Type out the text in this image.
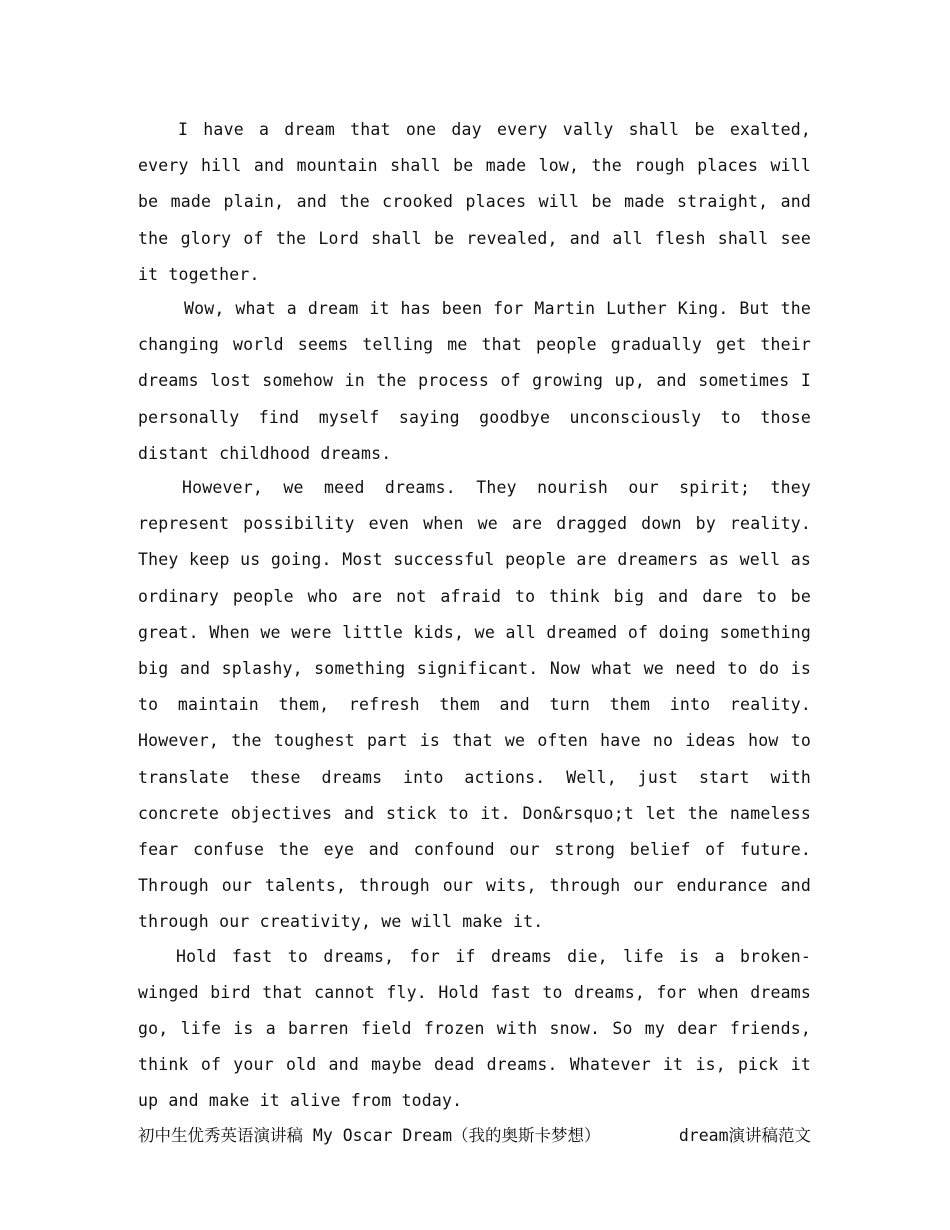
I have a dream that one day every vally shall be exalted, every hill and mountain shall be made low, the rough places will be made plain, and the crooked places will be made straight, and the glory of the Lord shall be revealed, and all flesh shall see it together.

Wow, what a dream it has been for Martin Luther King. But the changing world seems telling me that people gradually get their dreams lost somehow in the process of growing up, and sometimes I personally find myself saying goodbye unconsciously to those distant childhood dreams.

However, we meed dreams. They nourish our spirit; they represent possibility even when we are dragged down by reality. They keep us going. Most successful people are dreamers as well as ordinary people who are not afraid to think big and dare to be great. When we were little kids, we all dreamed of doing something big and splashy, something significant. Now what we need to do is to maintain them, refresh them and turn them into reality. However, the toughest part is that we often have no ideas how to translate these dreams into actions. Well, just start with concrete objectives and stick to it. Don&rsquo;t let the nameless fear confuse the eye and confound our strong belief of future. Through our talents, through our wits, through our endurance and through our creativity, we will make it.

Hold fast to dreams, for if dreams die, life is a broken-winged bird that cannot fly. Hold fast to dreams, for when dreams go, life is a barren field frozen with snow. So my dear friends, think of your old and maybe dead dreams. Whatever it is, pick it up and make it alive from today.

初中生优秀英语演讲稿 My Oscar Dream（我的奥斯卡梦想）	dream演讲稿范文
